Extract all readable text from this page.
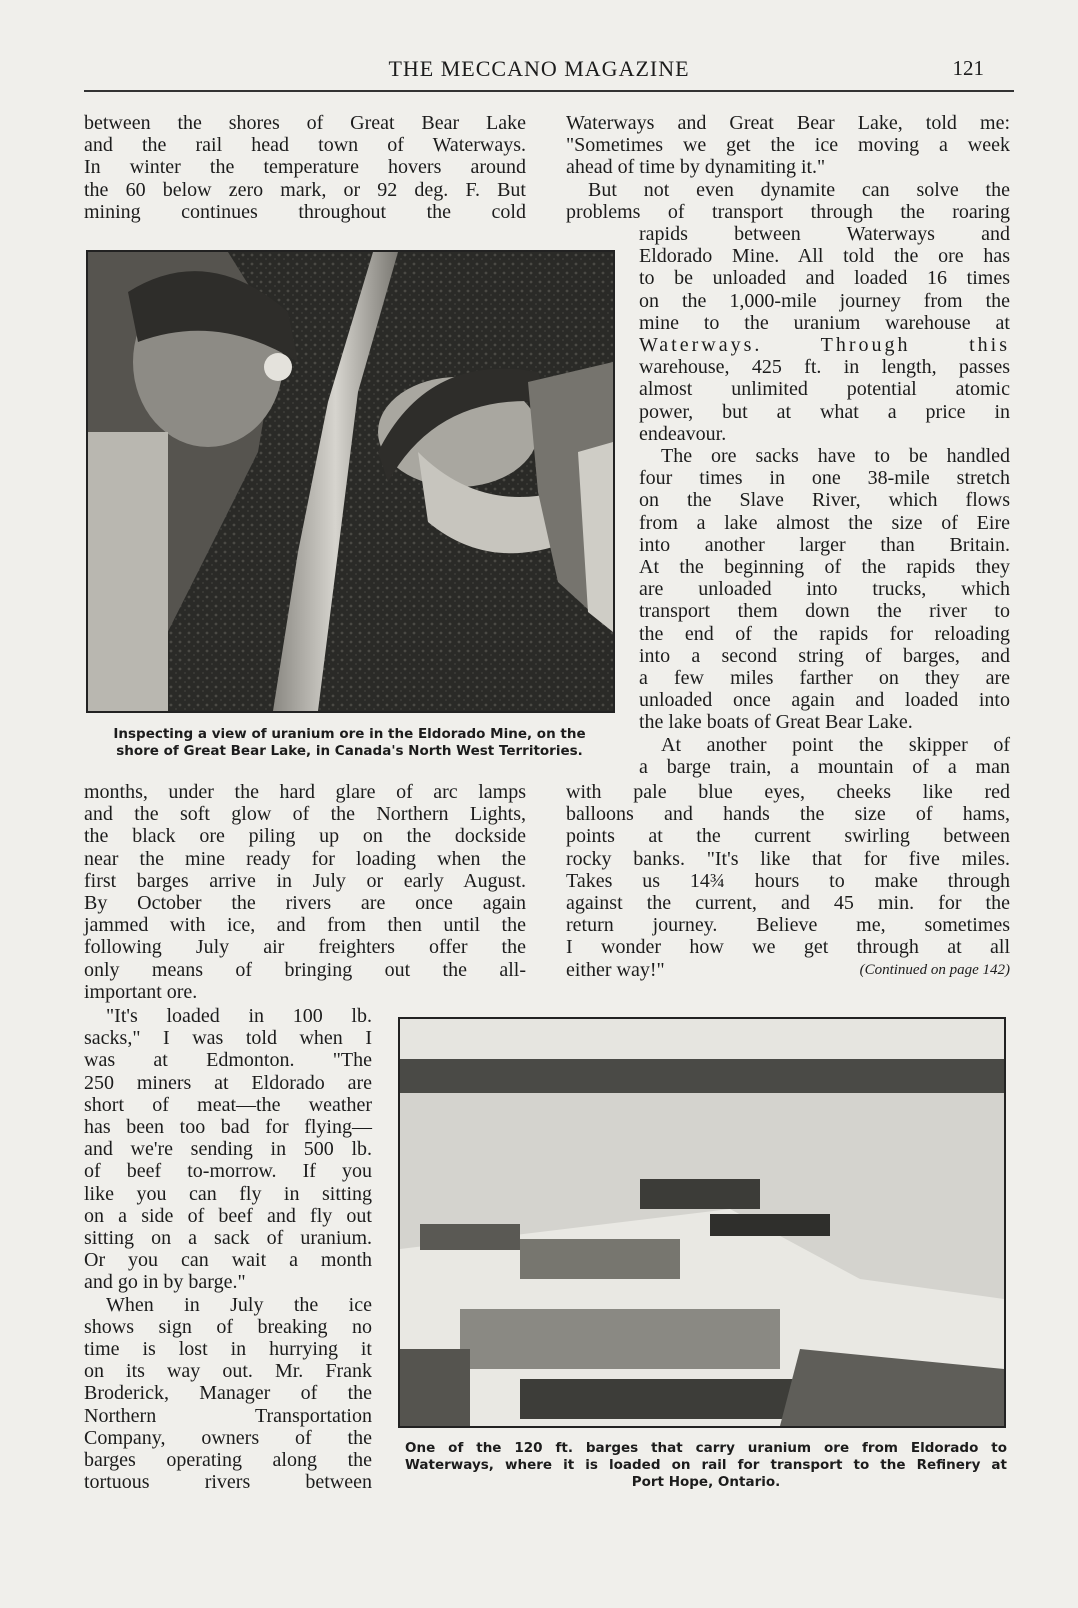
THE MECCANO MAGAZINE	121
between the shores of Great Bear Lake
and the rail head town of Waterways.
In winter the temperature hovers around
the 60 below zero mark, or 92 deg. F. But
mining continues throughout the cold
Inspecting a view of uranium ore in the Eldorado Mine, on the
shore of Great Bear Lake, in Canada's North West Territories.
months, under the hard glare of arc lamps
and the soft glow of the Northern Lights,
the black ore piling up on the dockside
near the mine ready for loading when the
first barges arrive in July or early August.
By October the rivers are once again
jammed with ice, and from then until the
following July air freighters offer the
only means of bringing out the all-
important ore.
"It's loaded in 100 lb.
sacks," I was told when I
was at Edmonton. "The
250 miners at Eldorado are
short of meat—the weather
has been too bad for flying—
and we're sending in 500 lb.
of beef to-morrow. If you
like you can fly in sitting
on a side of beef and fly out
sitting on a sack of uranium.
Or you can wait a month
and go in by barge."
When in July the ice
shows sign of breaking no
time is lost in hurrying it
on its way out. Mr. Frank
Broderick, Manager of the
Northern Transportation
Company, owners of the
barges operating along the
tortuous rivers between
Waterways and Great Bear Lake, told me:
"Sometimes we get the ice moving a week
ahead of time by dynamiting it."
But not even dynamite can solve the
problems of transport through the roaring
rapids between Waterways and
Eldorado Mine. All told the ore has
to be unloaded and loaded 16 times
on the 1,000-mile journey from the
mine to the uranium warehouse at
Waterways. Through this
warehouse, 425 ft. in length, passes
almost unlimited potential atomic
power, but at what a price in
endeavour.
The ore sacks have to be handled
four times in one 38-mile stretch
on the Slave River, which flows
from a lake almost the size of Eire
into another larger than Britain.
At the beginning of the rapids they
are unloaded into trucks, which
transport them down the river to
the end of the rapids for reloading
into a second string of barges, and
a few miles farther on they are
unloaded once again and loaded into
the lake boats of Great Bear Lake.
At another point the skipper of
a barge train, a mountain of a man
with pale blue eyes, cheeks like red
balloons and hands the size of hams,
points at the current swirling between
rocky banks. "It's like that for five miles.
Takes us 14¾ hours to make through
against the current, and 45 min. for the
return journey. Believe me, sometimes
I wonder how we get through at all
either way!"	(Continued on page 142)
One of the 120 ft. barges that carry uranium ore from Eldorado to
Waterways, where it is loaded on rail for transport to the Refinery at
Port Hope, Ontario.
